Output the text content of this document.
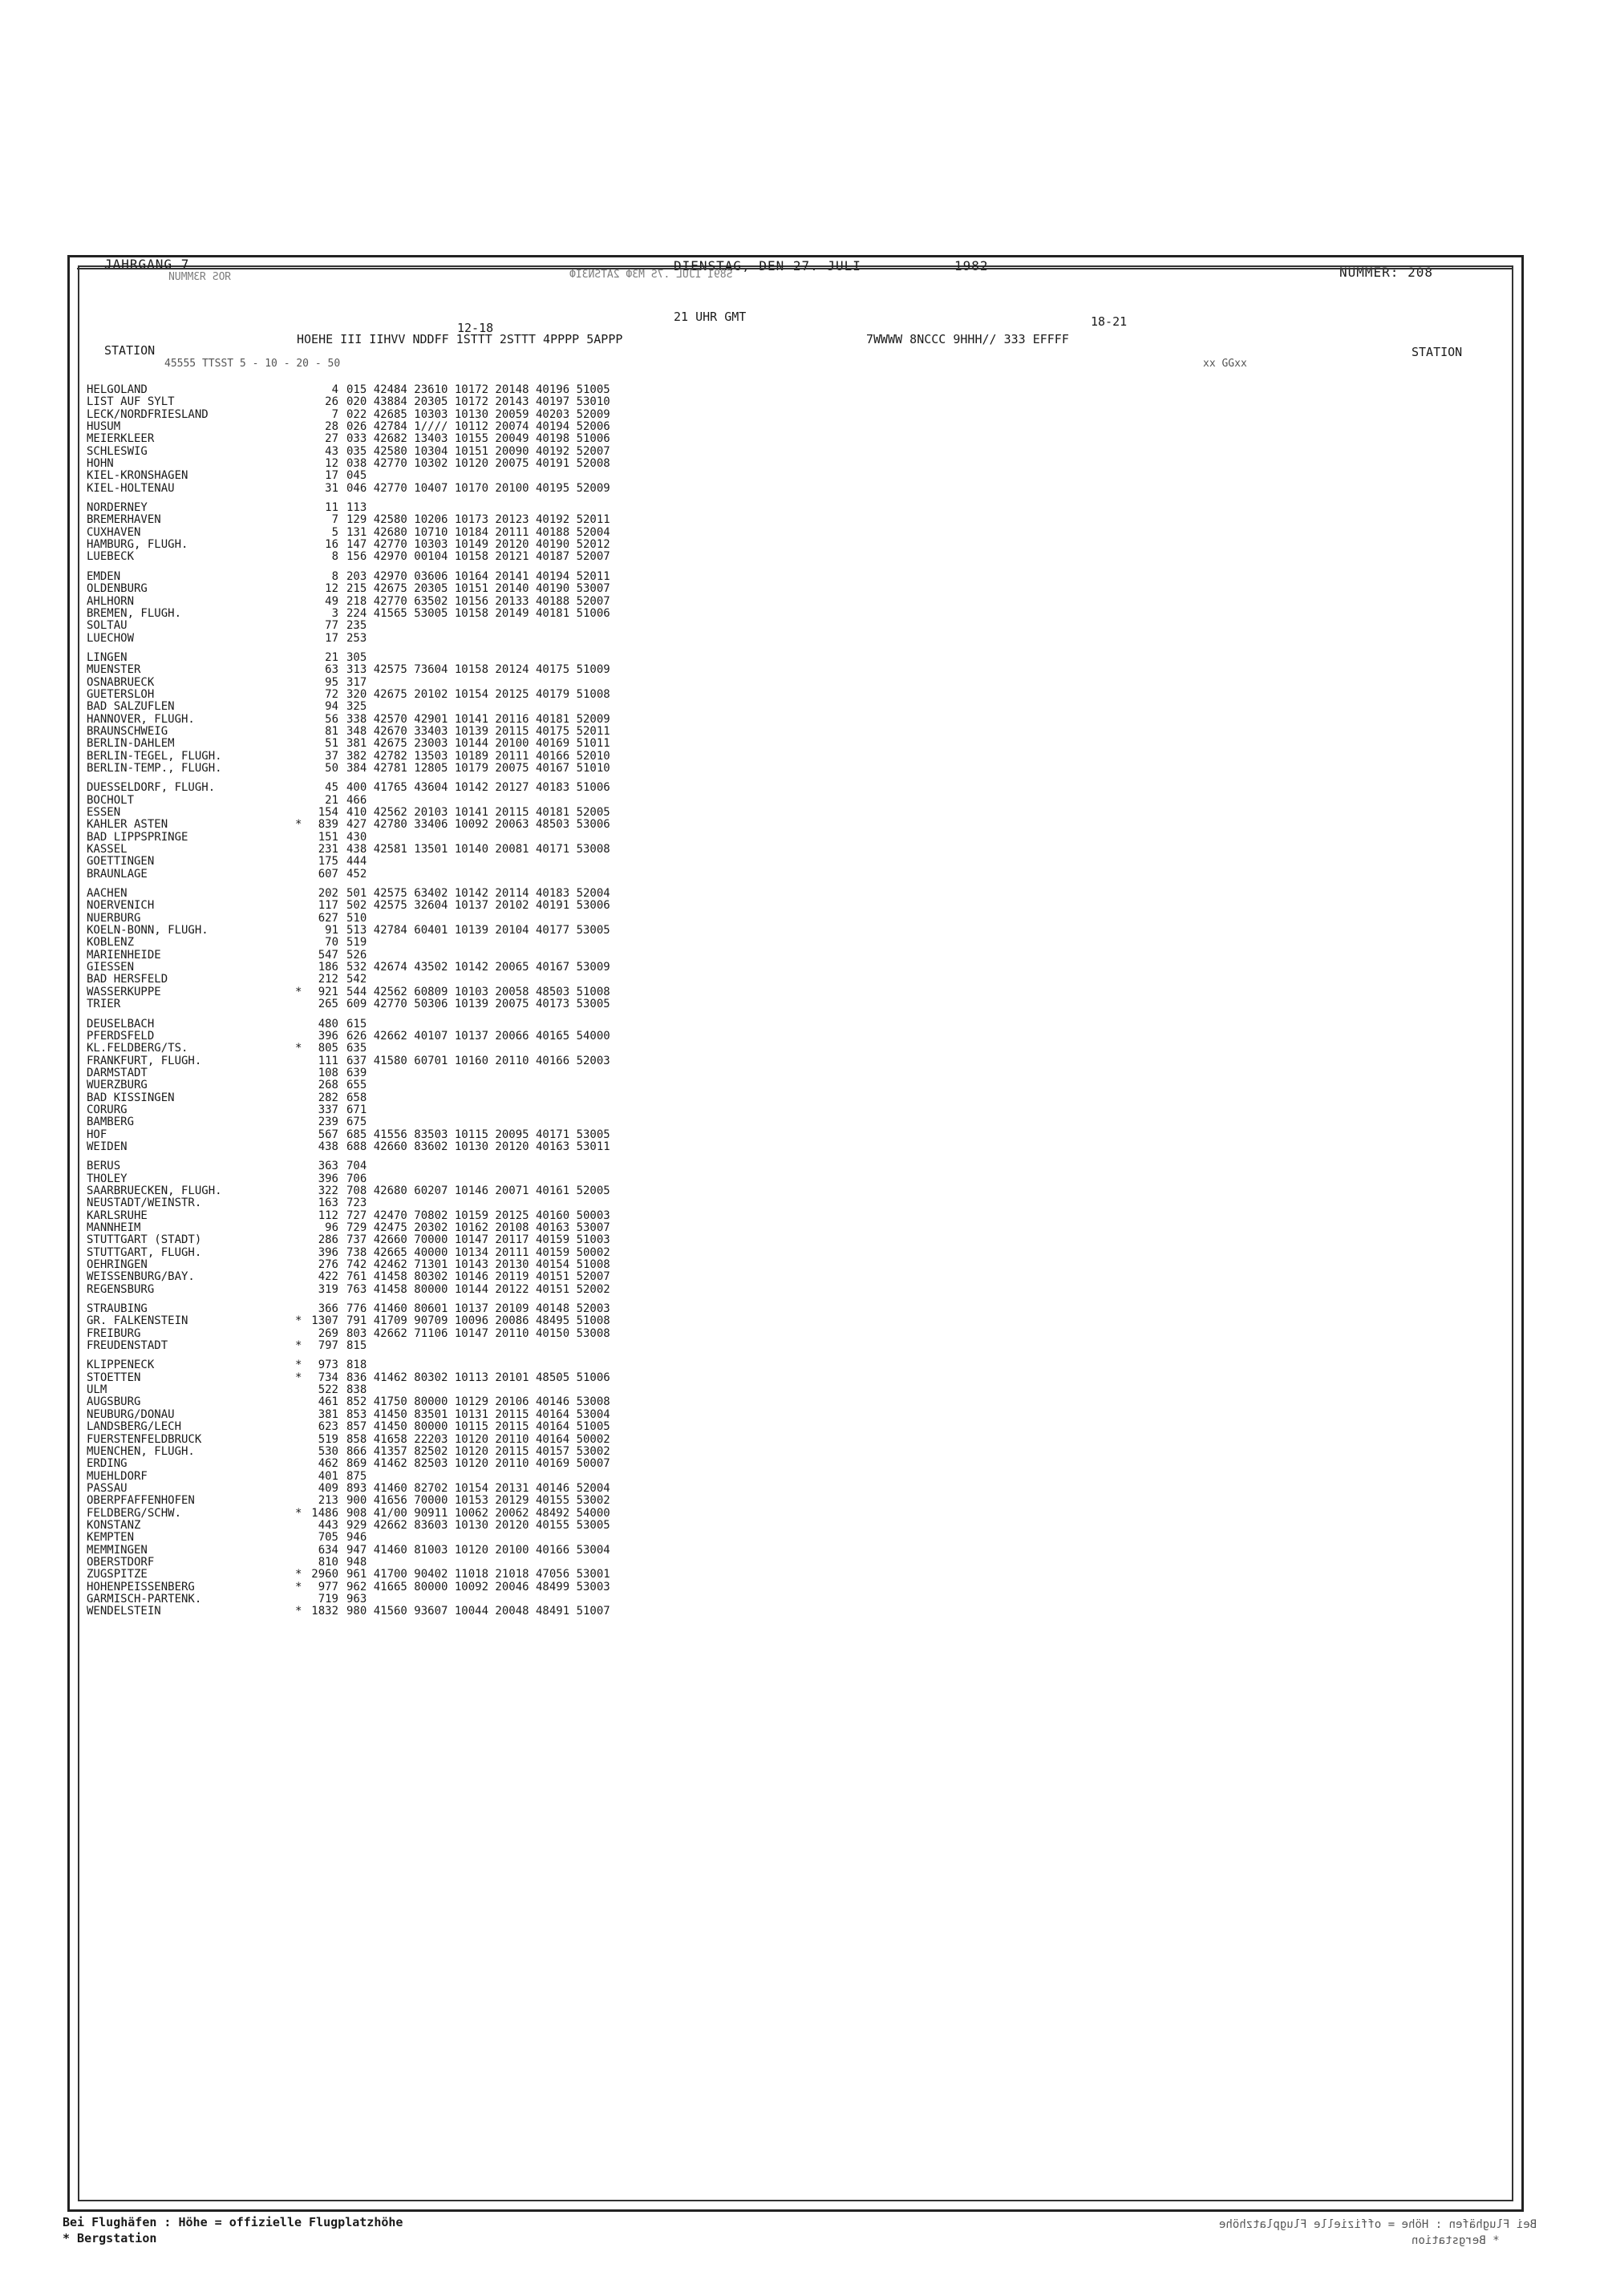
JAHRGANG 7	DIENSTAG, DEN 27. JULI	1982	NUMMER: 208
ЯOS ЯЗMMUИ	S891 IJUL .7S МЗФ 2ATSNЗIФ
21 UHR GMT
12-18	18-21
STATION
HOEHE III IIHVV NDDFF 1STTT 2STTT 4PPPP 5APPP	7WWWW 8NCCC 9HHH// 333 EFFFF
45555 TTSST 5 - 10 - 20 - 50	xx GGxx
STATION
HELGOLAND	4 015 42484 23610 10172 20148 40196 51005
LIST AUF SYLT	26 020 43884 20305 10172 20143 40197 53010
LECK/NORDFRIESLAND	7 022 42685 10303 10130 20059 40203 52009
HUSUM	28 026 42784 1//// 10112 20074 40194 52006
MEIERKLEER	27 033 42682 13403 10155 20049 40198 51006
SCHLESWIG	43 035 42580 10304 10151 20090 40192 52007
HOHN	12 038 42770 10302 10120 20075 40191 52008
KIEL-KRONSHAGEN	17 045
KIEL-HOLTENAU	31 046 42770 10407 10170 20100 40195 52009
NORDERNEY	11 113
BREMERHAVEN	7 129 42580 10206 10173 20123 40192 52011
CUXHAVEN	5 131 42680 10710 10184 20111 40188 52004
HAMBURG, FLUGH.	16 147 42770 10303 10149 20120 40190 52012
LUEBECK	8 156 42970 00104 10158 20121 40187 52007
EMDEN	8 203 42970 03606 10164 20141 40194 52011
OLDENBURG	12 215 42675 20305 10151 20140 40190 53007
AHLHORN	49 218 42770 63502 10156 20133 40188 52007
BREMEN, FLUGH.	3 224 41565 53005 10158 20149 40181 51006
SOLTAU	77 235
LUECHOW	17 253
LINGEN	21 305
MUENSTER	63 313 42575 73604 10158 20124 40175 51009
OSNABRUECK	95 317
GUETERSLOH	72 320 42675 20102 10154 20125 40179 51008
BAD SALZUFLEN	94 325
HANNOVER, FLUGH.	56 338 42570 42901 10141 20116 40181 52009
BRAUNSCHWEIG	81 348 42670 33403 10139 20115 40175 52011
BERLIN-DAHLEM	51 381 42675 23003 10144 20100 40169 51011
BERLIN-TEGEL, FLUGH.	37 382 42782 13503 10189 20111 40166 52010
BERLIN-TEMP., FLUGH.	50 384 42781 12805 10179 20075 40167 51010
DUESSELDORF, FLUGH.	45 400 41765 43604 10142 20127 40183 51006
BOCHOLT	21 466
ESSEN	154 410 42562 20103 10141 20115 40181 52005
KAHLER ASTEN	*	839 427 42780 33406 10092 20063 48503 53006
BAD LIPPSPRINGE	151 430
KASSEL	231 438 42581 13501 10140 20081 40171 53008
GOETTINGEN	175 444
BRAUNLAGE	607 452
AACHEN	202 501 42575 63402 10142 20114 40183 52004
NOERVENICH	117 502 42575 32604 10137 20102 40191 53006
NUERBURG	627 510
KOELN-BONN, FLUGH.	91 513 42784 60401 10139 20104 40177 53005
KOBLENZ	70 519
MARIENHEIDE	547 526
GIESSEN	186 532 42674 43502 10142 20065 40167 53009
BAD HERSFELD	212 542
WASSERKUPPE	*	921 544 42562 60809 10103 20058 48503 51008
TRIER	265 609 42770 50306 10139 20075 40173 53005
DEUSELBACH	480 615
PFERDSFELD	396 626 42662 40107 10137 20066 40165 54000
KL.FELDBERG/TS.	*	805 635
FRANKFURT, FLUGH.	111 637 41580 60701 10160 20110 40166 52003
DARMSTADT	108 639
WUERZBURG	268 655
BAD KISSINGEN	282 658
CORURG	337 671
BAMBERG	239 675
HOF	567 685 41556 83503 10115 20095 40171 53005
WEIDEN	438 688 42660 83602 10130 20120 40163 53011
BERUS	363 704
THOLEY	396 706
SAARBRUECKEN, FLUGH.	322 708 42680 60207 10146 20071 40161 52005
NEUSTADT/WEINSTR.	163 723
KARLSRUHE	112 727 42470 70802 10159 20125 40160 50003
MANNHEIM	96 729 42475 20302 10162 20108 40163 53007
STUTTGART (STADT)	286 737 42660 70000 10147 20117 40159 51003
STUTTGART, FLUGH.	396 738 42665 40000 10134 20111 40159 50002
OEHRINGEN	276 742 42462 71301 10143 20130 40154 51008
WEISSENBURG/BAY.	422 761 41458 80302 10146 20119 40151 52007
REGENSBURG	319 763 41458 80000 10144 20122 40151 52002
STRAUBING	366 776 41460 80601 10137 20109 40148 52003
GR. FALKENSTEIN	* 1307 791 41709 90709 10096 20086 48495 51008
FREIBURG	269 803 42662 71106 10147 20110 40150 53008
FREUDENSTADT	*	797 815
KLIPPENECK	*	973 818
STOETTEN	*	734 836 41462 80302 10113 20101 48505 51006
ULM	522 838
AUGSBURG	461 852 41750 80000 10129 20106 40146 53008
NEUBURG/DONAU	381 853 41450 83501 10131 20115 40164 53004
LANDSBERG/LECH	623 857 41450 80000 10115 20115 40164 51005
FUERSTENFELDBRUCK	519 858 41658 22203 10120 20110 40164 50002
MUENCHEN, FLUGH.	530 866 41357 82502 10120 20115 40157 53002
ERDING	462 869 41462 82503 10120 20110 40169 50007
MUEHLDORF	401 875
PASSAU	409 893 41460 82702 10154 20131 40146 52004
OBERPFAFFENHOFEN	213 900 41656 70000 10153 20129 40155 53002
FELDBERG/SCHW.	* 1486 908 41/00 90911 10062 20062 48492 54000
KONSTANZ	443 929 42662 83603 10130 20120 40155 53005
KEMPTEN	705 946
MEMMINGEN	634 947 41460 81003 10120 20100 40166 53004
OBERSTDORF	810 948
ZUGSPITZE	* 2960 961 41700 90402 11018 21018 47056 53001
HOHENPEISSENBERG	*	977 962 41665 80000 10092 20046 48499 53003
GARMISCH-PARTENK.	719 963
WENDELSTEIN	* 1832 980 41560 93607 10044 20048 48491 51007
Bei Flughäfen : Höhe = offizielle Flugplatzhöhe
* Bergstation
Bei Flughäfen : Höhe = offizielle Flugplatzhöhe
* Bergstation
